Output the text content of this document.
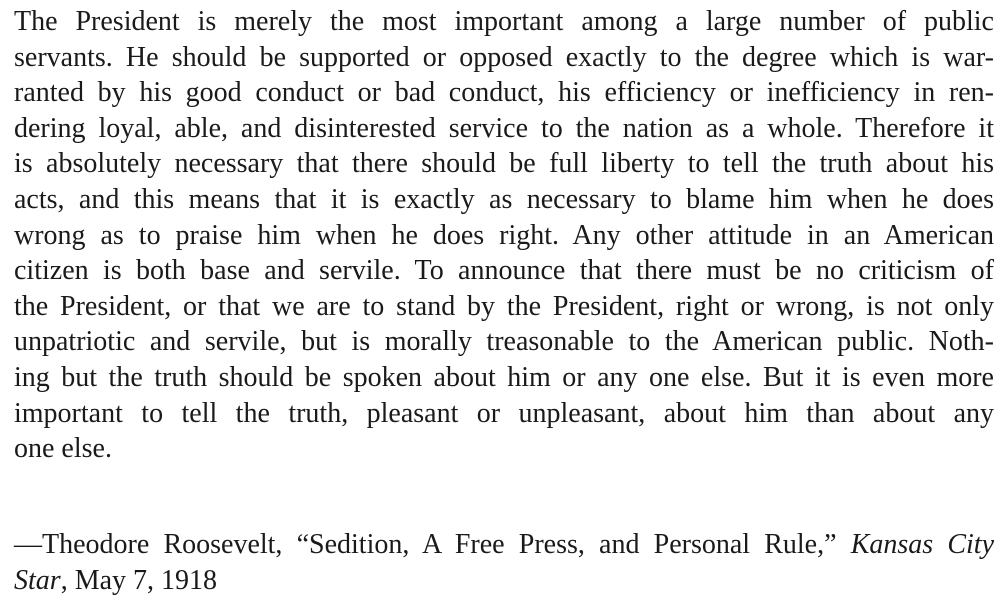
The President is merely the most important among a large number of public
servants. He should be supported or opposed exactly to the degree which is war-
ranted by his good conduct or bad conduct, his efficiency or inefficiency in ren-
dering loyal, able, and disinterested service to the nation as a whole. Therefore it
is absolutely necessary that there should be full liberty to tell the truth about his
acts, and this means that it is exactly as necessary to blame him when he does
wrong as to praise him when he does right. Any other attitude in an American
citizen is both base and servile. To announce that there must be no criticism of
the President, or that we are to stand by the President, right or wrong, is not only
unpatriotic and servile, but is morally treasonable to the American public. Noth-
ing but the truth should be spoken about him or any one else. But it is even more
important to tell the truth, pleasant or unpleasant, about him than about any
one else.
—Theodore Roosevelt, “Sedition, A Free Press, and Personal Rule,” Kansas City
Star, May 7, 1918
